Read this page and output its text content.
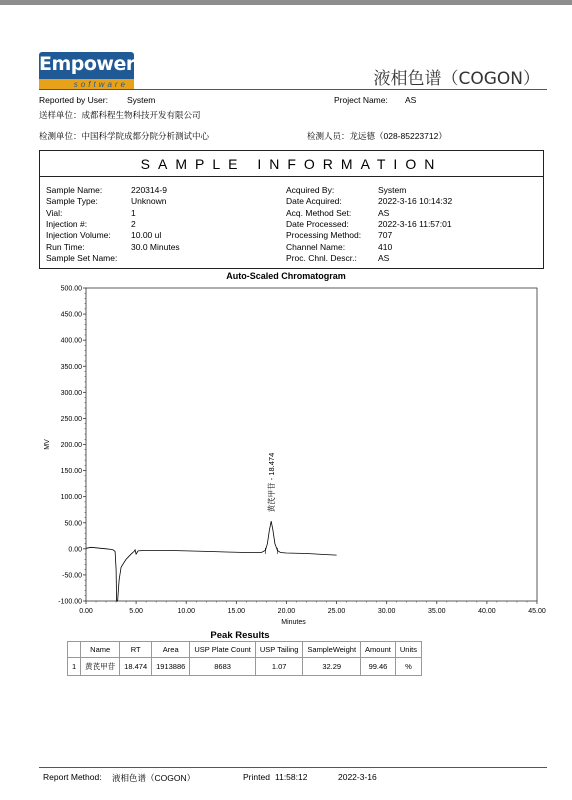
Empower
software	液相色谱（COGON）
Reported by User: System	Project Name: AS
送样单位：成都科程生物科技开发有限公司
检测单位：中国科学院成都分院分析测试中心	检测人员：龙远德（028-85223712）
SAMPLE INFORMATION
Sample Name:	220314-9
Sample Type:	Unknown
Vial:	1
Injection #:	2
Injection Volume: 10.00 ul
Run Time:	30.0 Minutes
Sample Set Name:
Acquired By:	System
Date Acquired:	2022-3-16 10:14:32
Acq. Method Set:	AS
Date Processed:	2022-3-16 11:57:01
Processing Method: 707
Channel Name:	410
Proc. Chnl. Descr.: AS
Auto-Scaled Chromatogram
500.00
450.00
400.00
350.00
300.00
250.00
200.00
150.00
100.00
50.00
0.00
-50.00
-100.00
0.00	5.00	10.00	15.00	20.00	25.00	30.00	35.00	40.00	45.00
Minutes
MV
黄芪甲苷 - 18.474
Peak Results
	Name	RT	Area	USP Plate Count	USP Tailing	SampleWeight	Amount	Units
1	黄芪甲苷	18.474	1913886	8683	1.07	32.29	99.46	%
Report Method: 液相色谱（COGON）	Printed 11:58:12	2022-3-16
